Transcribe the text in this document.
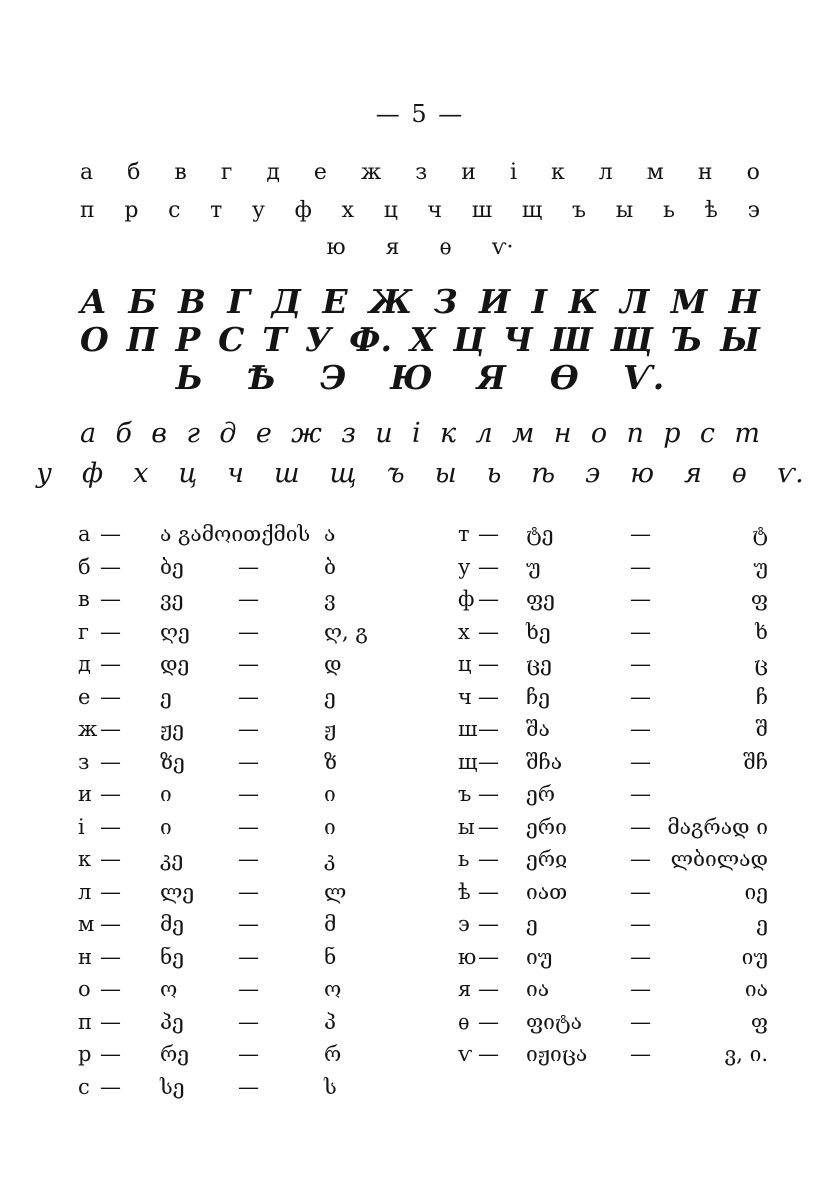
— 5 —
а б в г д е ж з и і к л м н о
п р с т у ф х ц ч ш щ ъ ы ь ѣ э
ю я ѳ ѵ·
А Б В Г Д Е Ж З И І К Л М Н
О П Р С Т У Ф. Х Ц Ч Ш Щ Ъ Ы
Ь Ѣ Э Ю Я Ѳ Ѵ.
а б в г д е ж з и і к л м н о п р с т
у ф х ц ч ш щ ъ ы ь ѣ э ю я ѳ ѵ.
а — ა გამოითქმის ა
б — ბე	—	ბ
в — ვე	—	ვ
г — ღე —	ღ, გ
д — დე —	დ
е — ე	—	ე
ж — ჟე	—	ჟ
з — ზე	—	ზ
и — ი	—	ი
і — ი	—	ი
к — კე	—	კ
л — ლე —	ლ
м — მე	—	მ
н — ნე	—	ნ
о — ო	—	ო
п — პე	—	პ
р — რე —	რ
с — სე	—	ს
т — ტე	—	ტ
у — უ	—	უ
ф — ფე	—	ფ
х — ხე	—	ხ
ц — ცე	—	ც
ч — ჩე	—	ჩ
ш — შა	—	შ
щ — შჩა	—	შჩ
ъ — ერ	—
ы — ერი	— მაგრად ი
ь — ერჲ	— ლბილად
ѣ — იათ	—	იე
э — ე	—	ე
ю — იუ	—	იუ
я — ია	—	ია
ѳ — ფიტა —	ფ
ѵ — იჟიცა —	ვ, ი.
